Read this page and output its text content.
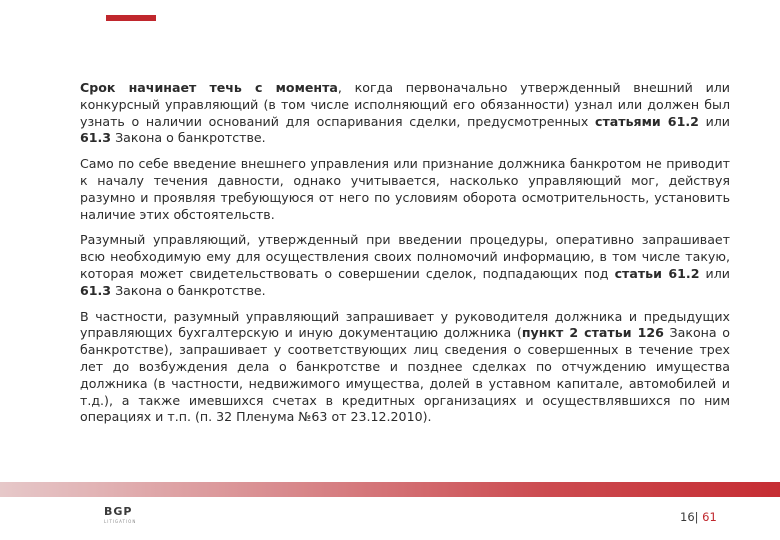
Срок начинает течь с момента, когда первоначально утвержденный внешний или конкурсный управляющий (в том числе исполняющий его обязанности) узнал или должен был узнать о наличии оснований для оспаривания сделки, предусмотренных статьями 61.2 или 61.3 Закона о банкротстве.

Само по себе введение внешнего управления или признание должника банкротом не приводит к началу течения давности, однако учитывается, насколько управляющий мог, действуя разумно и проявляя требующуюся от него по условиям оборота осмотрительность, установить наличие этих обстоятельств.

Разумный управляющий, утвержденный при введении процедуры, оперативно запрашивает всю необходимую ему для осуществления своих полномочий информацию, в том числе такую, которая может свидетельствовать о совершении сделок, подпадающих под статьи 61.2 или 61.3 Закона о банкротстве.

В частности, разумный управляющий запрашивает у руководителя должника и предыдущих управляющих бухгалтерскую и иную документацию должника (пункт 2 статьи 126 Закона о банкротстве), запрашивает у соответствующих лиц сведения о совершенных в течение трех лет до возбуждения дела о банкротстве и позднее сделках по отчуждению имущества должника (в частности, недвижимого имущества, долей в уставном капитале, автомобилей и т.д.), а также имевшихся счетах в кредитных организациях и осуществлявшихся по ним операциях и т.п. (п. 32 Пленума №63 от 23.12.2010).

BGP
LITIGATION	16| 61
